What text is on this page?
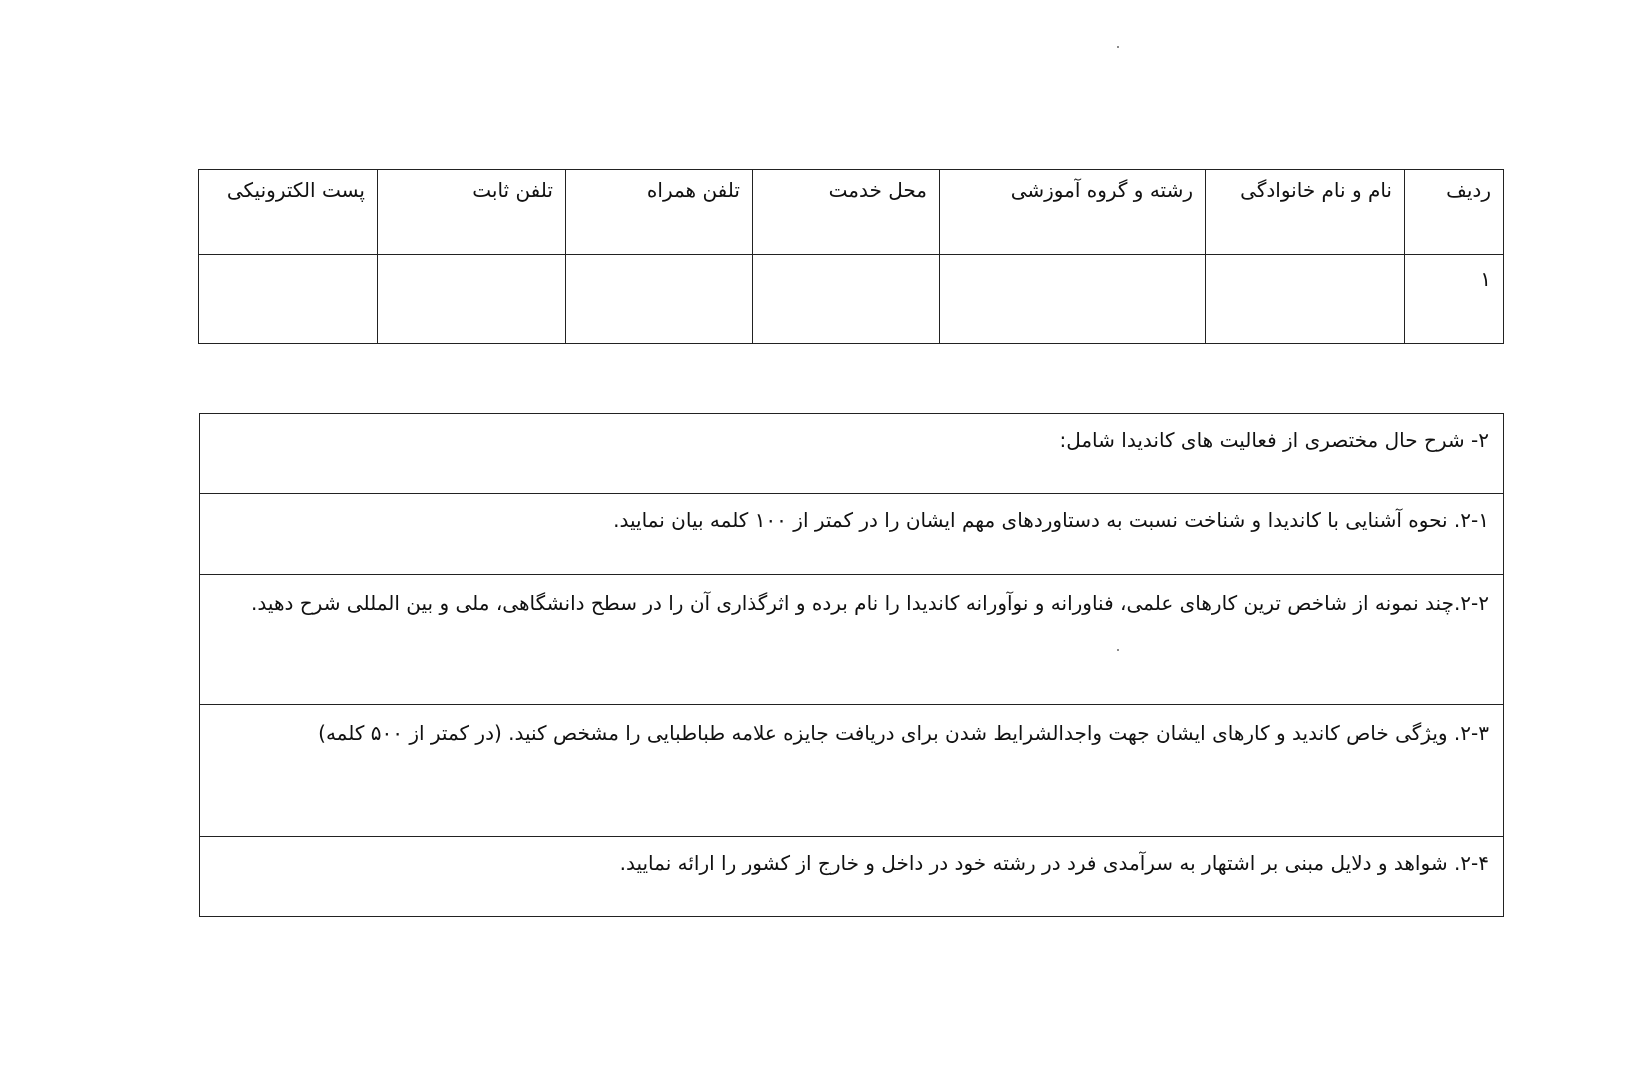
ردیف	نام و نام خانوادگی	رشته و گروه آموزشی	محل خدمت	تلفن همراه	تلفن ثابت	پست الکترونیکی
۱						

۲- شرح حال مختصری از فعالیت های کاندیدا شامل:

۲-۱. نحوه آشنایی با کاندیدا و شناخت نسبت به دستاوردهای مهم ایشان را در کمتر از ۱۰۰ کلمه بیان نمایید.

۲-۲.چند نمونه از شاخص ترین کارهای علمی، فناورانه و نوآورانه کاندیدا را نام برده و اثرگذاری آن را در سطح دانشگاهی، ملی و بین المللی شرح دهید.

۲-۳. ویژگی خاص کاندید و کارهای ایشان جهت واجدالشرایط شدن برای دریافت جایزه علامه طباطبایی را مشخص کنید. (در کمتر از ۵۰۰ کلمه)

۲-۴. شواهد و دلایل مبنی بر اشتهار به سرآمدی فرد در رشته خود در داخل و خارج از کشور را ارائه نمایید.
